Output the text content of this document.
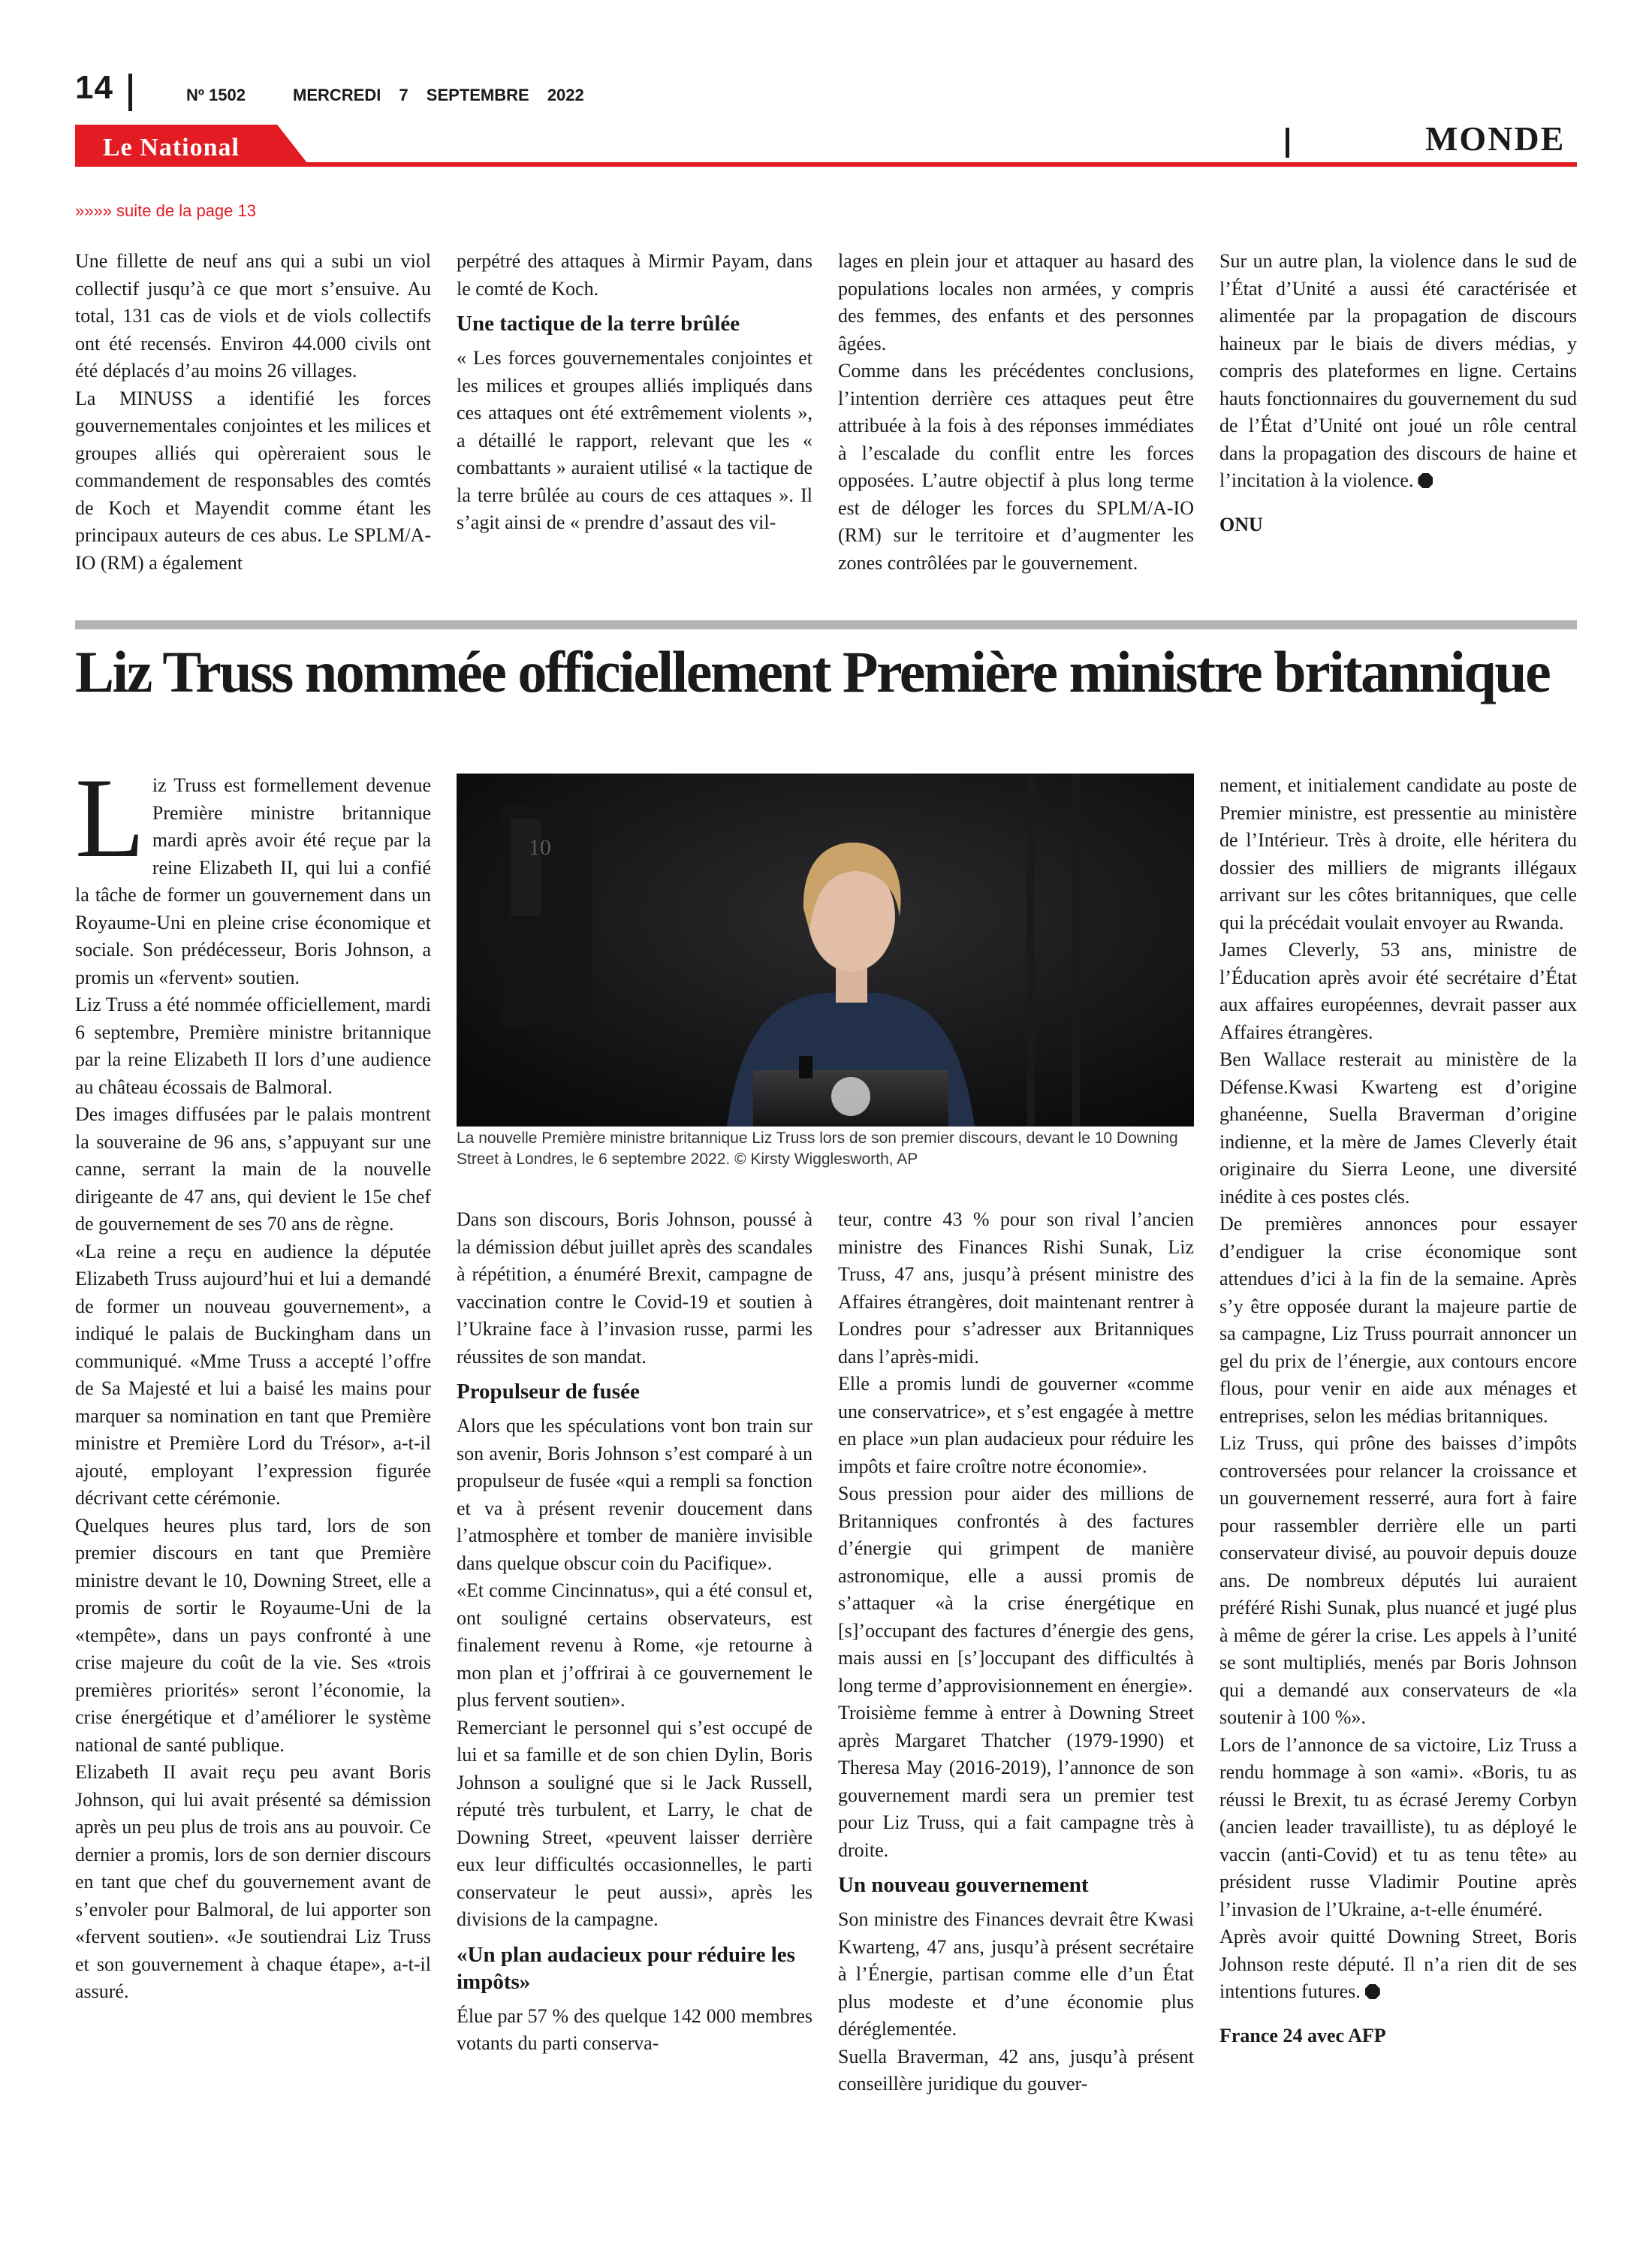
14	Nº 1502	MERCREDI 7 SEPTEMBRE 2022
Le National	MONDE
»»»» suite de la page 13

Une fillette de neuf ans qui a subi un viol collectif jusqu’à ce que mort s’ensuive. Au total, 131 cas de viols et de viols collectifs ont été recensés. Environ 44.000 civils ont été déplacés d’au moins 26 villages.

La MINUSS a identifié les forces gouvernementales conjointes et les milices et groupes alliés qui opèreraient sous le commandement de responsables des comtés de Koch et Mayendit comme étant les principaux auteurs de ces abus. Le SPLM/A-IO (RM) a également

perpétré des attaques à Mirmir Payam, dans le comté de Koch.

Une tactique de la terre brûlée

« Les forces gouvernementales conjointes et les milices et groupes alliés impliqués dans ces attaques ont été extrêmement violents », a détaillé le rapport, relevant que les « combattants » auraient utilisé « la tactique de la terre brûlée au cours de ces attaques ». Il s’agit ainsi de « prendre d’assaut des vil-

lages en plein jour et attaquer au hasard des populations locales non armées, y compris des femmes, des enfants et des personnes âgées.

Comme dans les précédentes conclusions, l’intention derrière ces attaques peut être attribuée à la fois à des réponses immédiates à l’escalade du conflit entre les forces opposées. L’autre objectif à plus long terme est de déloger les forces du SPLM/A-IO (RM) sur le territoire et d’augmenter les zones contrôlées par le gouvernement.

Sur un autre plan, la violence dans le sud de l’État d’Unité a aussi été caractérisée et alimentée par la propagation de discours haineux par le biais de divers médias, y compris des plateformes en ligne. Certains hauts fonctionnaires du gouvernement du sud de l’État d’Unité ont joué un rôle central dans la propagation des discours de haine et l’incitation à la violence.

ONU

Liz Truss nommée officiellement Première ministre britannique

Liz Truss est formellement devenue Première ministre britannique mardi après avoir été reçue par la reine Elizabeth II, qui lui a confié la tâche de former un gouvernement dans un Royaume-Uni en pleine crise économique et sociale. Son prédécesseur, Boris Johnson, a promis un «fervent» soutien.

Liz Truss a été nommée officiellement, mardi 6 septembre, Première ministre britannique par la reine Elizabeth II lors d’une audience au château écossais de Balmoral.

Des images diffusées par le palais montrent la souveraine de 96 ans, s’appuyant sur une canne, serrant la main de la nouvelle dirigeante de 47 ans, qui devient le 15e chef de gouvernement de ses 70 ans de règne.

«La reine a reçu en audience la députée Elizabeth Truss aujourd’hui et lui a demandé de former un nouveau gouvernement», a indiqué le palais de Buckingham dans un communiqué. «Mme Truss a accepté l’offre de Sa Majesté et lui a baisé les mains pour marquer sa nomination en tant que Première ministre et Première Lord du Trésor», a-t-il ajouté, employant l’expression figurée décrivant cette cérémonie.

Quelques heures plus tard, lors de son premier discours en tant que Première ministre devant le 10, Downing Street, elle a promis de sortir le Royaume-Uni de la «tempête», dans un pays confronté à une crise majeure du coût de la vie. Ses «trois premières priorités» seront l’économie, la crise énergétique et d’améliorer le système national de santé publique.

Elizabeth II avait reçu peu avant Boris Johnson, qui lui avait présenté sa démission après un peu plus de trois ans au pouvoir. Ce dernier a promis, lors de son dernier discours en tant que chef du gouvernement avant de s’envoler pour Balmoral, de lui apporter son «fervent soutien». «Je soutiendrai Liz Truss et son gouvernement à chaque étape», a-t-il assuré.

10
La nouvelle Première ministre britannique Liz Truss lors de son premier discours, devant le 10 Downing Street à Londres, le 6 septembre 2022. © Kirsty Wigglesworth, AP

Dans son discours, Boris Johnson, poussé à la démission début juillet après des scandales à répétition, a énuméré Brexit, campagne de vaccination contre le Covid-19 et soutien à l’Ukraine face à l’invasion russe, parmi les réussites de son mandat.

Propulseur de fusée

Alors que les spéculations vont bon train sur son avenir, Boris Johnson s’est comparé à un propulseur de fusée «qui a rempli sa fonction et va à présent revenir doucement dans l’atmosphère et tomber de manière invisible dans quelque obscur coin du Pacifique».

«Et comme Cincinnatus», qui a été consul et, ont souligné certains observateurs, est finalement revenu à Rome, «je retourne à mon plan et j’offrirai à ce gouvernement le plus fervent soutien».

Remerciant le personnel qui s’est occupé de lui et sa famille et de son chien Dylin, Boris Johnson a souligné que si le Jack Russell, réputé très turbulent, et Larry, le chat de Downing Street, «peuvent laisser derrière eux leur difficultés occasionnelles, le parti conservateur le peut aussi», après les divisions de la campagne.

«Un plan audacieux pour réduire les impôts»

Élue par 57 % des quelque 142 000 membres votants du parti conserva-

teur, contre 43 % pour son rival l’ancien ministre des Finances Rishi Sunak, Liz Truss, 47 ans, jusqu’à présent ministre des Affaires étrangères, doit maintenant rentrer à Londres pour s’adresser aux Britanniques dans l’après-midi.

Elle a promis lundi de gouverner «comme une conservatrice», et s’est engagée à mettre en place »un plan audacieux pour réduire les impôts et faire croître notre économie».

Sous pression pour aider des millions de Britanniques confrontés à des factures d’énergie qui grimpent de manière astronomique, elle a aussi promis de s’attaquer «à la crise énergétique en [s]’occupant des factures d’énergie des gens, mais aussi en [s’]occupant des difficultés à long terme d’approvisionnement en énergie».

Troisième femme à entrer à Downing Street après Margaret Thatcher (1979-1990) et Theresa May (2016-2019), l’annonce de son gouvernement mardi sera un premier test pour Liz Truss, qui a fait campagne très à droite.

Un nouveau gouvernement

Son ministre des Finances devrait être Kwasi Kwarteng, 47 ans, jusqu’à présent secrétaire à l’Énergie, partisan comme elle d’un État plus modeste et d’une économie plus déréglementée.

Suella Braverman, 42 ans, jusqu’à présent conseillère juridique du gouver-

nement, et initialement candidate au poste de Premier ministre, est pressentie au ministère de l’Intérieur. Très à droite, elle héritera du dossier des milliers de migrants illégaux arrivant sur les côtes britanniques, que celle qui la précédait voulait envoyer au Rwanda.

James Cleverly, 53 ans, ministre de l’Éducation après avoir été secrétaire d’État aux affaires européennes, devrait passer aux Affaires étrangères.

Ben Wallace resterait au ministère de la Défense.Kwasi Kwarteng est d’origine ghanéenne, Suella Braverman d’origine indienne, et la mère de James Cleverly était originaire du Sierra Leone, une diversité inédite à ces postes clés.

De premières annonces pour essayer d’endiguer la crise économique sont attendues d’ici à la fin de la semaine. Après s’y être opposée durant la majeure partie de sa campagne, Liz Truss pourrait annoncer un gel du prix de l’énergie, aux contours encore flous, pour venir en aide aux ménages et entreprises, selon les médias britanniques.

Liz Truss, qui prône des baisses d’impôts controversées pour relancer la croissance et un gouvernement resserré, aura fort à faire pour rassembler derrière elle un parti conservateur divisé, au pouvoir depuis douze ans. De nombreux députés lui auraient préféré Rishi Sunak, plus nuancé et jugé plus à même de gérer la crise. Les appels à l’unité se sont multipliés, menés par Boris Johnson qui a demandé aux conservateurs de «la soutenir à 100 %».

Lors de l’annonce de sa victoire, Liz Truss a rendu hommage à son «ami». «Boris, tu as réussi le Brexit, tu as écrasé Jeremy Corbyn (ancien leader travailliste), tu as déployé le vaccin (anti-Covid) et tu as tenu tête» au président russe Vladimir Poutine après l’invasion de l’Ukraine, a-t-elle énuméré.

Après avoir quitté Downing Street, Boris Johnson reste député. Il n’a rien dit de ses intentions futures.

France 24 avec AFP
